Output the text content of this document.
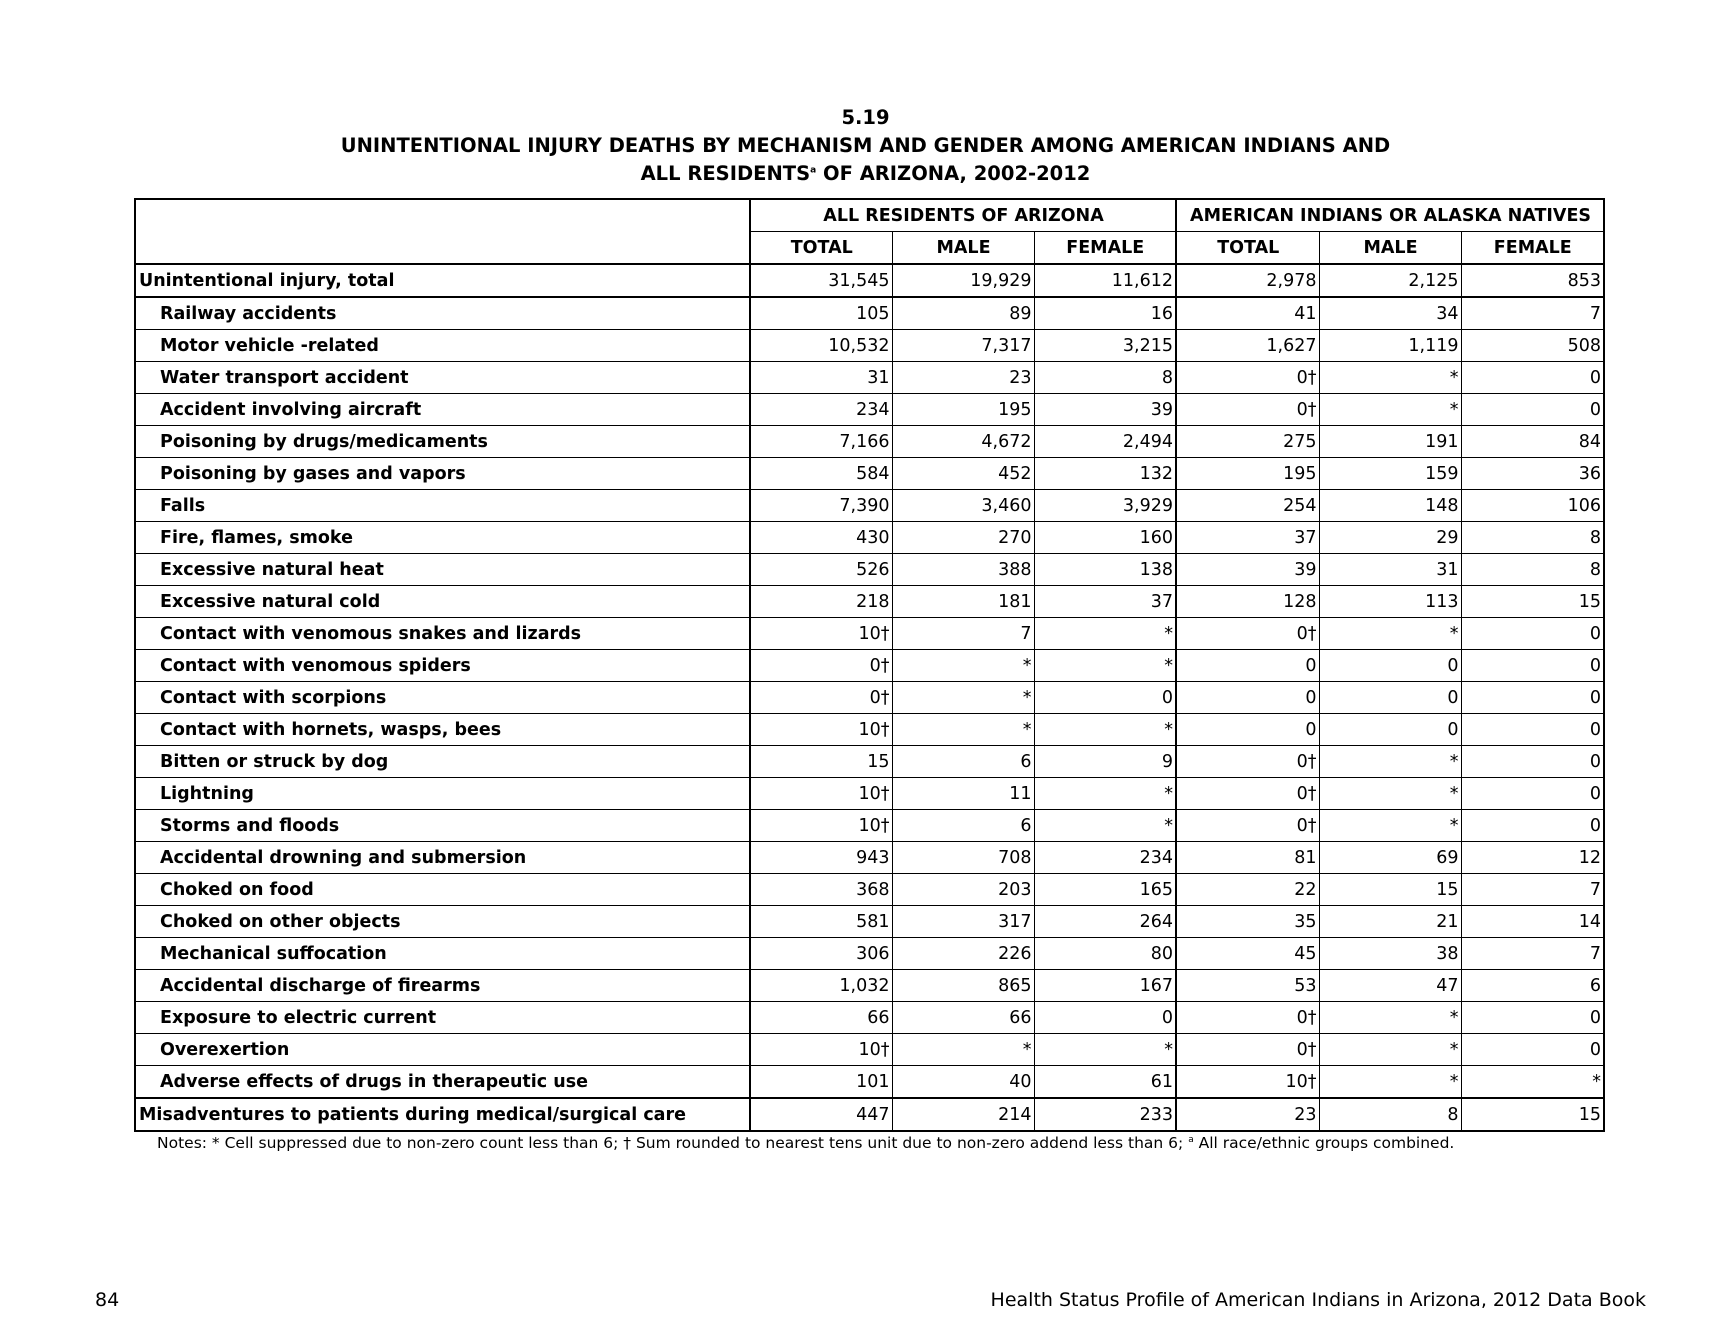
5.19
UNINTENTIONAL INJURY DEATHS BY MECHANISM AND GENDER AMONG AMERICAN INDIANS AND
ALL RESIDENTS$^a$ OF ARIZONA, 2002-2012
	ALL RESIDENTS OF ARIZONA			AMERICAN INDIANS OR ALASKA NATIVES		
	TOTAL	MALE	FEMALE	TOTAL	MALE	FEMALE
Unintentional injury, total	31,545	19,929	11,612	2,978	2,125	853
Railway accidents	105	89	16	41	34	7
Motor vehicle -related	10,532	7,317	3,215	1,627	1,119	508
Water transport accident	31	23	8	0†	*	0
Accident involving aircraft	234	195	39	0†	*	0
Poisoning by drugs/medicaments	7,166	4,672	2,494	275	191	84
Poisoning by gases and vapors	584	452	132	195	159	36
Falls	7,390	3,460	3,929	254	148	106
Fire, flames, smoke	430	270	160	37	29	8
Excessive natural heat	526	388	138	39	31	8
Excessive natural cold	218	181	37	128	113	15
Contact with venomous snakes and lizards	10†	7	*	0†	*	0
Contact with venomous spiders	0†	*	*	0	0	0
Contact with scorpions	0†	*	0	0	0	0
Contact with hornets, wasps, bees	10†	*	*	0	0	0
Bitten or struck by dog	15	6	9	0†	*	0
Lightning	10†	11	*	0†	*	0
Storms and floods	10†	6	*	0†	*	0
Accidental drowning and submersion	943	708	234	81	69	12
Choked on food	368	203	165	22	15	7
Choked on other objects	581	317	264	35	21	14
Mechanical suffocation	306	226	80	45	38	7
Accidental discharge of firearms	1,032	865	167	53	47	6
Exposure to electric current	66	66	0	0†	*	0
Overexertion	10†	*	*	0†	*	0
Adverse effects of drugs in therapeutic use	101	40	61	10†	*	*
Misadventures to patients during medical/surgical care	447	214	233	23	8	15
Notes: * Cell suppressed due to non-zero count less than 6; † Sum rounded to nearest tens unit due to non-zero addend less than 6; $^a$ All race/ethnic groups combined.
84	Health Status Profile of American Indians in Arizona, 2012 Data Book
